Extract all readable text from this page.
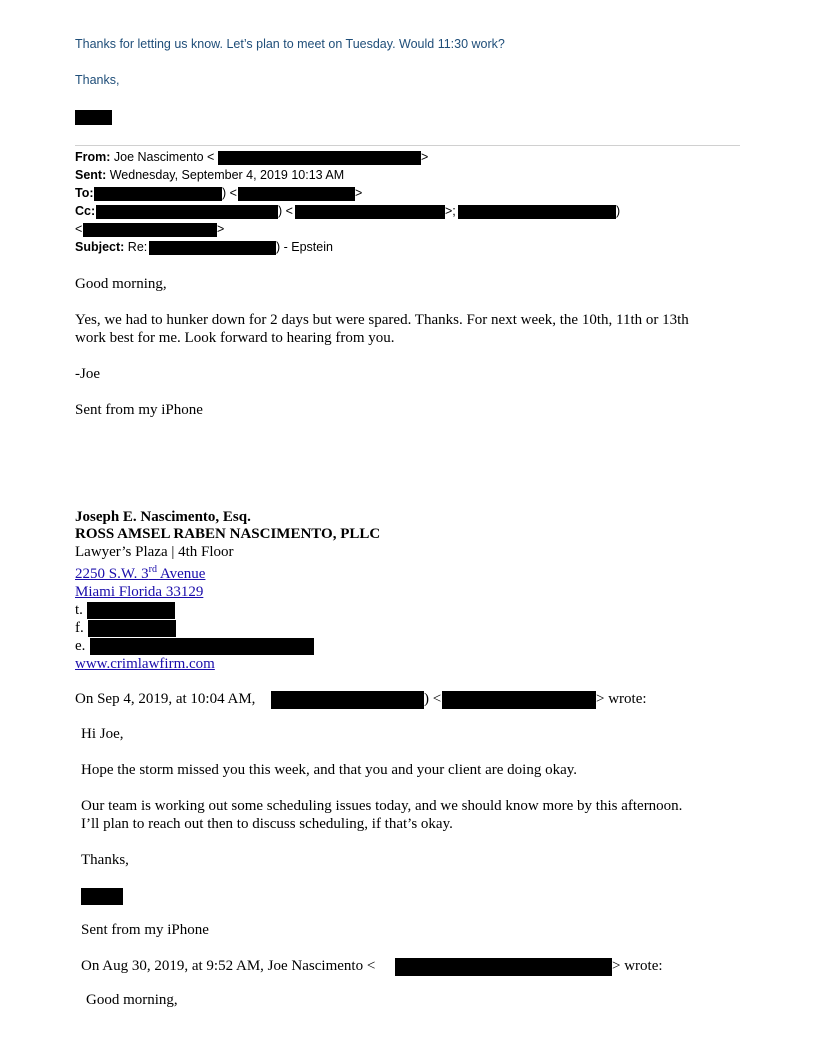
Thanks for letting us know. Let’s plan to meet on Tuesday. Would 11:30 work?
Thanks,
From: Joe Nascimento <	>
Sent: Wednesday, September 4, 2019 10:13 AM
To:	) <	>
Cc:	) <	>;	)
<	>
Subject: Re:	) - Epstein
Good morning,
Yes, we had to hunker down for 2 days but were spared. Thanks. For next week, the 10th, 11th or 13th
work best for me. Look forward to hearing from you.
-Joe
Sent from my iPhone
Joseph E. Nascimento, Esq.
ROSS AMSEL RABEN NASCIMENTO, PLLC
Lawyer’s Plaza | 4th Floor
2250 S.W. 3rd Avenue
Miami Florida 33129
t.
f.
e.
www.crimlawfirm.com
On Sep 4, 2019, at 10:04 AM,	) <	> wrote:
Hi Joe,
Hope the storm missed you this week, and that you and your client are doing okay.
Our team is working out some scheduling issues today, and we should know more by this afternoon.
I’ll plan to reach out then to discuss scheduling, if that’s okay.
Thanks,
Sent from my iPhone
On Aug 30, 2019, at 9:52 AM, Joe Nascimento <	> wrote:
Good morning,
